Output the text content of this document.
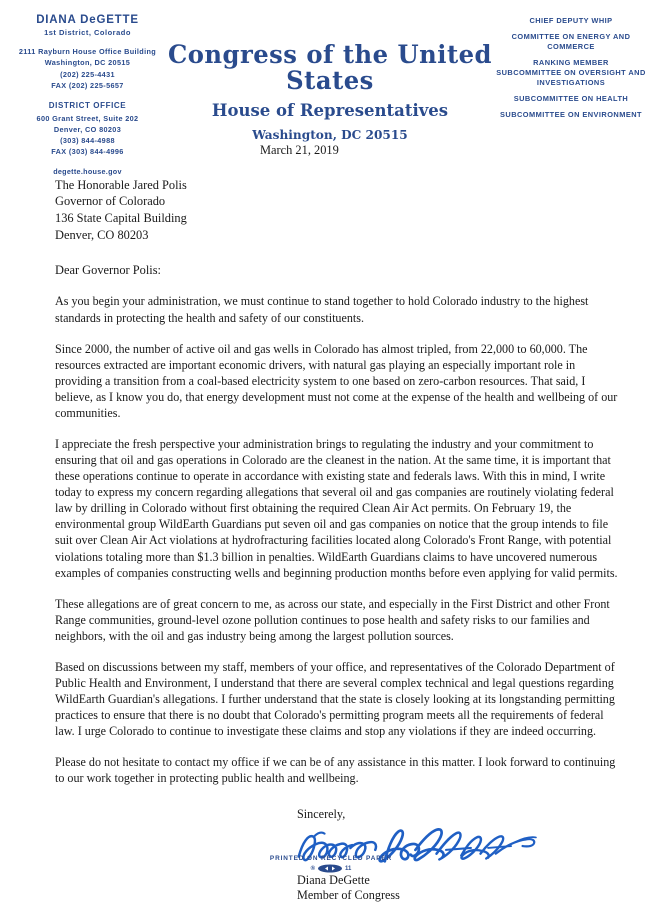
DIANA DeGETTE
1st District, Colorado
2111 Rayburn House Office Building
Washington, DC 20515
(202) 225-4431
FAX (202) 225-5657
DISTRICT OFFICE
600 Grant Street, Suite 202
Denver, CO 80203
(303) 844-4988
FAX (303) 844-4996
degette.house.gov
Congress of the United States
House of Representatives
Washington, DC 20515
CHIEF DEPUTY WHIP
COMMITTEE ON ENERGY AND
COMMERCE
RANKING MEMBER
SUBCOMMITTEE ON OVERSIGHT AND
INVESTIGATIONS
SUBCOMMITTEE ON HEALTH
SUBCOMMITTEE ON ENVIRONMENT
March 21, 2019
The Honorable Jared Polis
Governor of Colorado
136 State Capital Building
Denver, CO 80203
Dear Governor Polis:

As you begin your administration, we must continue to stand together to hold Colorado industry to the highest standards in protecting the health and safety of our constituents.

Since 2000, the number of active oil and gas wells in Colorado has almost tripled, from 22,000 to 60,000. The resources extracted are important economic drivers, with natural gas playing an especially important role in providing a transition from a coal-based electricity system to one based on zero-carbon resources. That said, I believe, as I know you do, that energy development must not come at the expense of the health and wellbeing of our communities.

I appreciate the fresh perspective your administration brings to regulating the industry and your commitment to ensuring that oil and gas operations in Colorado are the cleanest in the nation. At the same time, it is important that these operations continue to operate in accordance with existing state and federals laws. With this in mind, I write today to express my concern regarding allegations that several oil and gas companies are routinely violating federal law by drilling in Colorado without first obtaining the required Clean Air Act permits. On February 19, the environmental group WildEarth Guardians put seven oil and gas companies on notice that the group intends to file suit over Clean Air Act violations at hydrofracturing facilities located along Colorado's Front Range, with potential violations totaling more than $1.3 billion in penalties. WildEarth Guardians claims to have uncovered numerous examples of companies constructing wells and beginning production months before even applying for valid permits.

These allegations are of great concern to me, as across our state, and especially in the First District and other Front Range communities, ground-level ozone pollution continues to pose health and safety risks to our families and neighbors, with the oil and gas industry being among the largest pollution sources.

Based on discussions between my staff, members of your office, and representatives of the Colorado Department of Public Health and Environment, I understand that there are several complex technical and legal questions regarding WildEarth Guardian's allegations. I further understand that the state is closely looking at its longstanding permitting practices to ensure that there is no doubt that Colorado's permitting program meets all the requirements of federal law. I urge Colorado to continue to investigate these claims and stop any violations if they are indeed occurring.

Please do not hesitate to contact my office if we can be of any assistance in this matter. I look forward to continuing to our work together in protecting public health and wellbeing.

Sincerely,
Diana DeGette
Member of Congress
PRINTED ON RECYCLED PAPER
®	11
